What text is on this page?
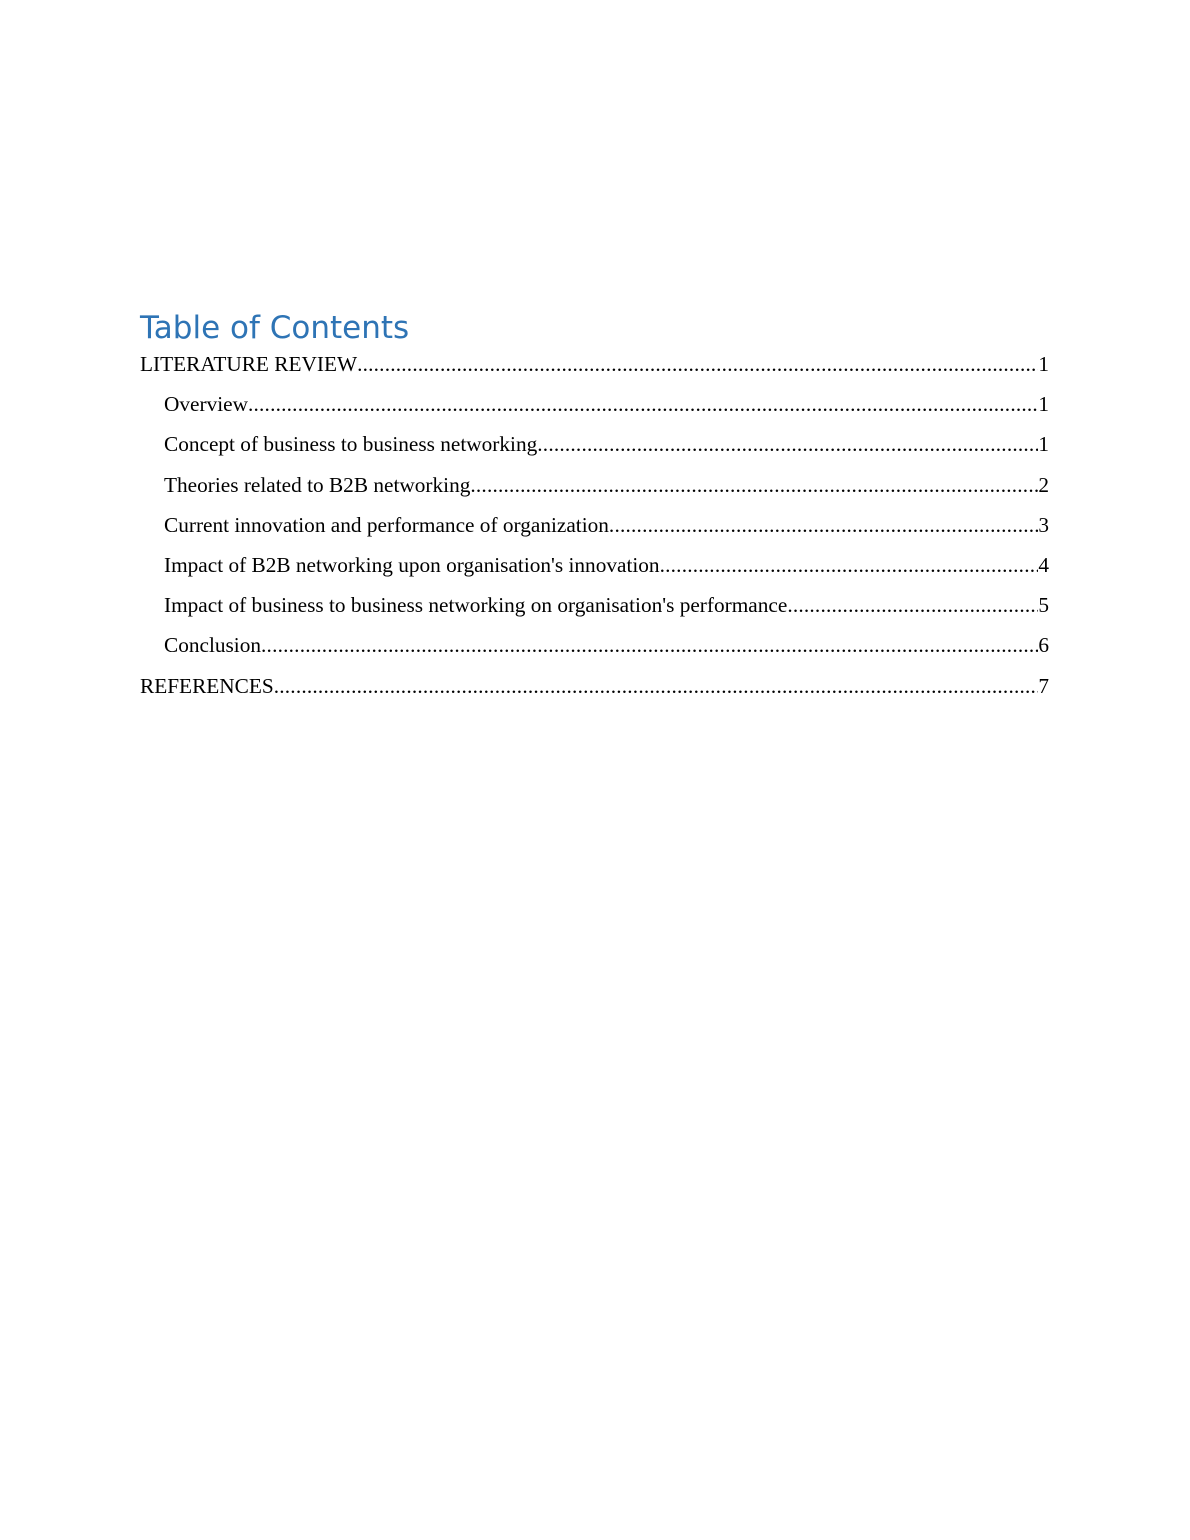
Table of Contents
LITERATURE REVIEW .....	1
Overview .....	1
Concept of business to business networking .....	1
Theories related to B2B networking .....	2
Current innovation and performance of organization .....	3
Impact of B2B networking upon organisation's innovation .....	4
Impact of business to business networking on organisation's performance .....	5
Conclusion .....	6
REFERENCES .....	7
